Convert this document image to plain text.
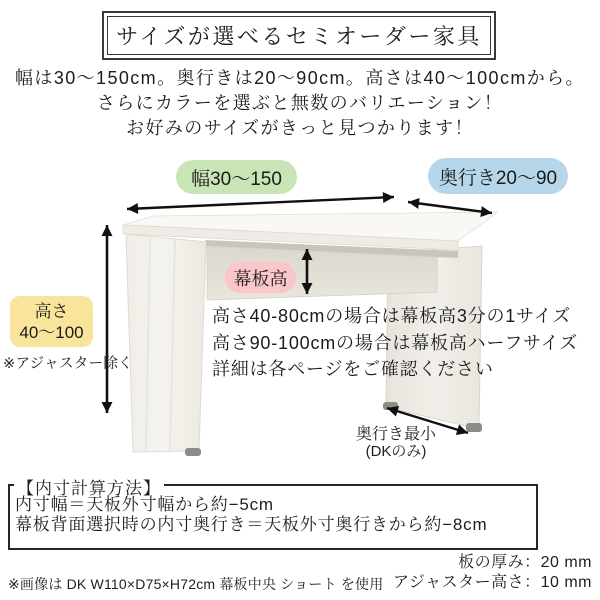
サイズが選べるセミオーダー家具
幅は30〜150cm。奥行きは20〜90cm。高さは40〜100cmから。
さらにカラーを選ぶと無数のバリエーション！
お好みのサイズがきっと見つかります！
幅30〜150	奥行き20〜90
幕板高
高さ
40〜100
※アジャスター除く
高さ40-80cmの場合は幕板高3分の1サイズ
高さ90-100cmの場合は幕板高ハーフサイズ
詳細は各ページをご確認ください
奥行き最小
(DKのみ)
【内寸計算方法】
内寸幅＝天板外寸幅から約−5cm
幕板背面選択時の内寸奥行き＝天板外寸奥行きから約−8cm
板の厚み：20 mm
アジャスター高さ：10 mm
※画像は DK W110×D75×H72cm 幕板中央 ショート を使用
